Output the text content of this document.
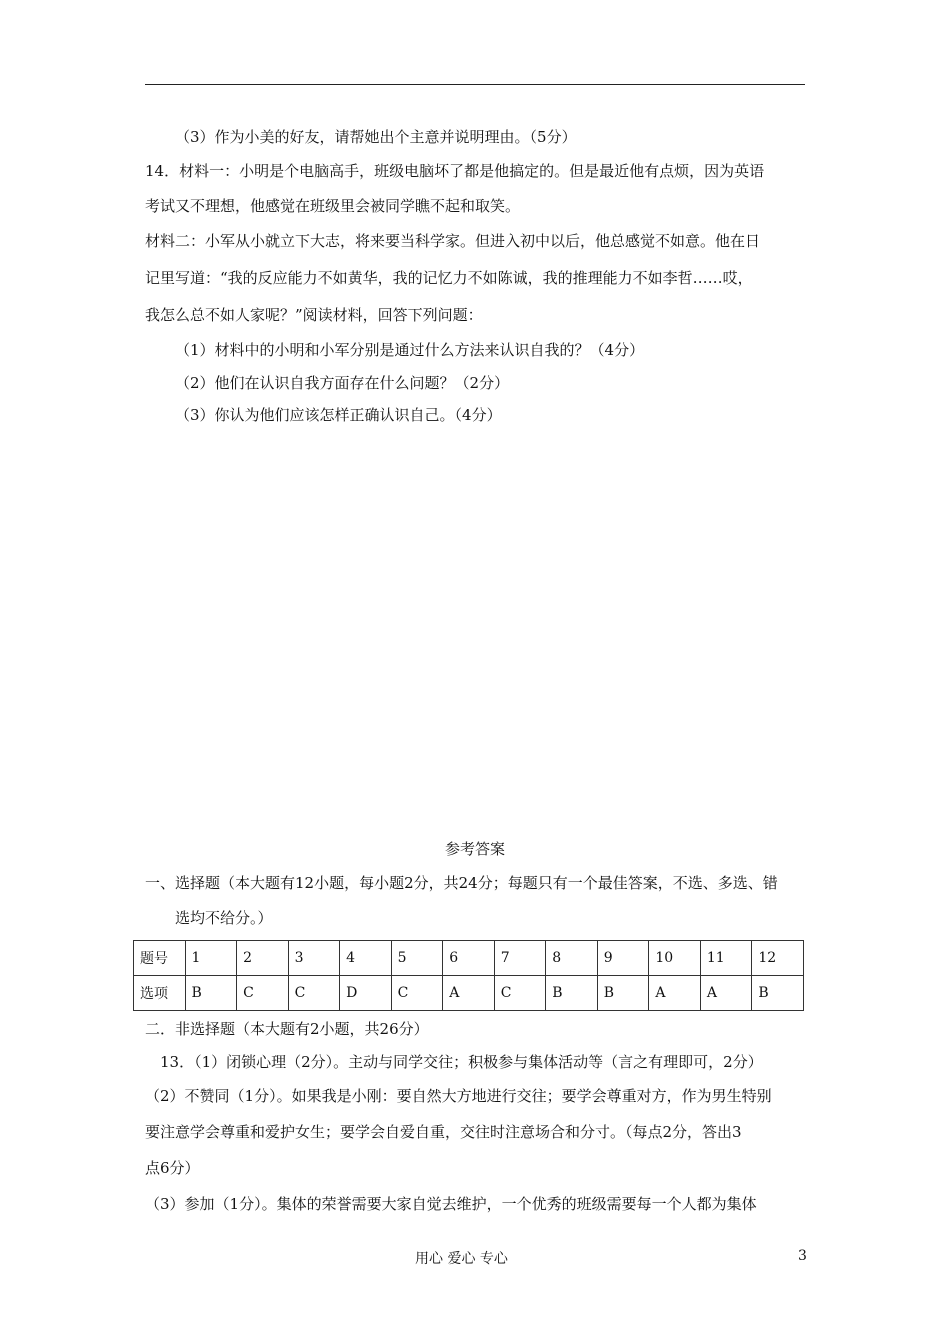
（3）作为小美的好友，请帮她出个主意并说明理由。（5分）
14．材料一：小明是个电脑高手，班级电脑坏了都是他搞定的。但是最近他有点烦，因为英语
考试又不理想，他感觉在班级里会被同学瞧不起和取笑。
材料二：小军从小就立下大志，将来要当科学家。但进入初中以后，他总感觉不如意。他在日
记里写道：“我的反应能力不如黄华，我的记忆力不如陈诚，我的推理能力不如李哲……哎，
我怎么总不如人家呢？”阅读材料，回答下列问题：
（1）材料中的小明和小军分别是通过什么方法来认识自我的？（4分）
（2）他们在认识自我方面存在什么问题？（2分）
（3）你认为他们应该怎样正确认识自己。（4分）
参考答案
一、选择题（本大题有12小题，每小题2分，共24分；每题只有一个最佳答案，不选、多选、错
选均不给分。）
题号	1	2	3	4	5	6	7	8	9	10	11	12
选项	B	C	C	D	C	A	C	B	B	A	A	B
二．非选择题（本大题有2小题，共26分）
13．（1）闭锁心理（2分）。主动与同学交往；积极参与集体活动等（言之有理即可，2分）
（2）不赞同（1分）。如果我是小刚：要自然大方地进行交往；要学会尊重对方，作为男生特别
要注意学会尊重和爱护女生；要学会自爱自重，交往时注意场合和分寸。（每点2分，答出3
点6分）
（3）参加（1分）。集体的荣誉需要大家自觉去维护，一个优秀的班级需要每一个人都为集体
用心 爱心 专心	3
